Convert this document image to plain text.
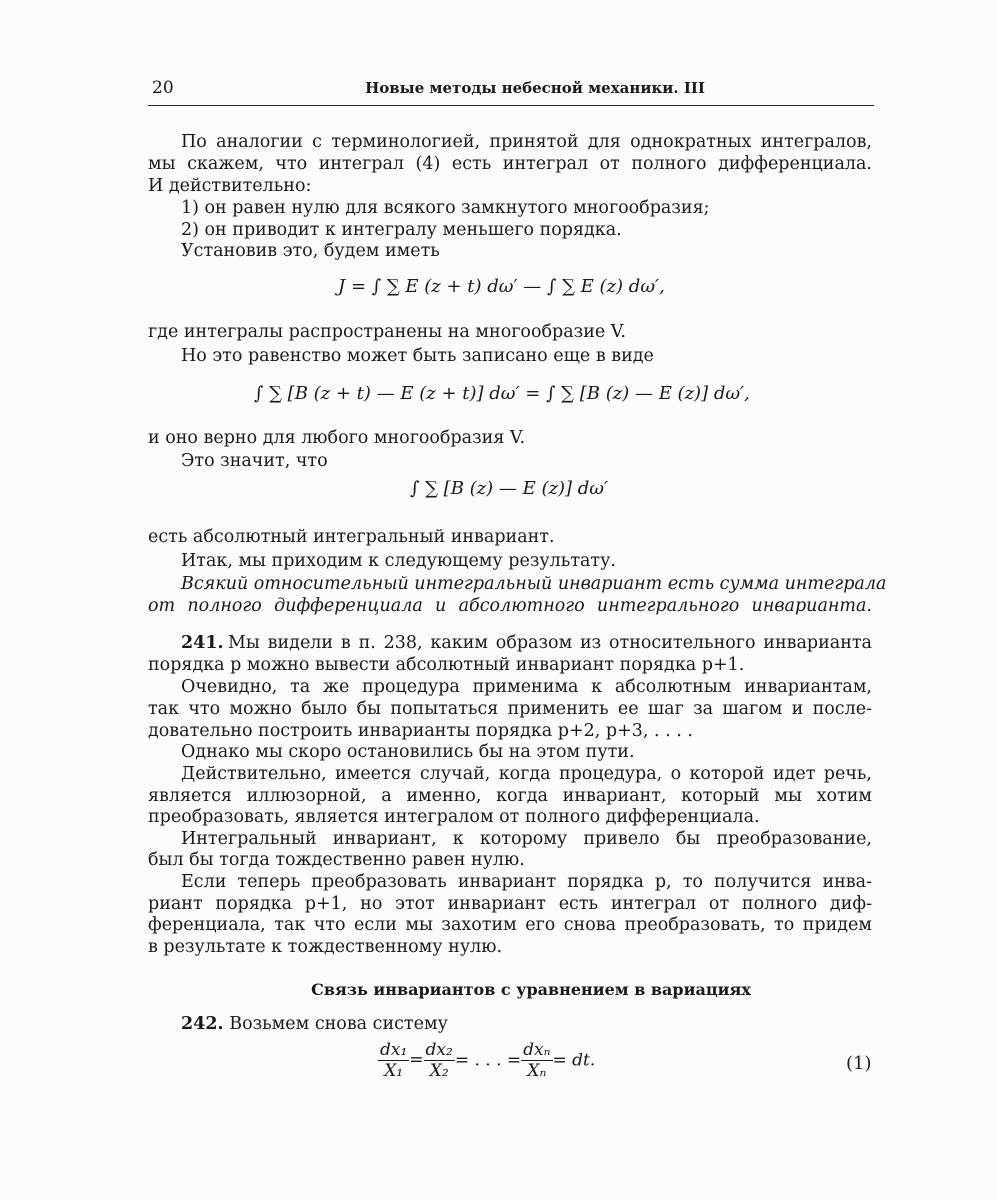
20	Новые методы небесной механики. III
По аналогии с терминологией, принятой для однократных интегралов,
мы скажем, что интеграл (4) есть интеграл от полного дифференциала.
И действительно:
1) он равен нулю для всякого замкнутого многообразия;
2) он приводит к интегралу меньшего порядка.
Установив это, будем иметь
J = ∫ ∑ E (z + t) dω′ — ∫ ∑ E (z) dω′,
где интегралы распространены на многообразие V.
Но это равенство может быть записано еще в виде
∫ ∑ [B (z + t) — E (z + t)] dω′ = ∫ ∑ [B (z) — E (z)] dω′,
и оно верно для любого многообразия V.
Это значит, что
∫ ∑ [B (z) — E (z)] dω′
есть абсолютный интегральный инвариант.
Итак, мы приходим к следующему результату.
Всякий относительный интегральный инвариант есть сумма интеграла
от полного дифференциала и абсолютного интегрального инварианта.
241. Мы видели в п. 238, каким образом из относительного инварианта
порядка p можно вывести абсолютный инвариант порядка p+1.
Очевидно, та же процедура применима к абсолютным инвариантам,
так что можно было бы попытаться применить ее шаг за шагом и после-
довательно построить инварианты порядка p+2, p+3, . . . .
Однако мы скоро остановились бы на этом пути.
Действительно, имеется случай, когда процедура, о которой идет речь,
является иллюзорной, а именно, когда инвариант, который мы хотим
преобразовать, является интегралом от полного дифференциала.
Интегральный инвариант, к которому привело бы преобразование,
был бы тогда тождественно равен нулю.
Если теперь преобразовать инвариант порядка p, то получится инва-
риант порядка p+1, но этот инвариант есть интеграл от полного диф-
ференциала, так что если мы захотим его снова преобразовать, то придем
в результате к тождественному нулю.
Связь инвариантов с уравнением в вариациях
242. Возьмем снова систему
$\frac{\text{dx₁}}{\text{X₁}} = \frac{\text{dx₂}}{\text{X₂}}$ = . . . = $\frac{\text{dxₙ}}{\text{Xₙ}}$ = dt.	(1)
